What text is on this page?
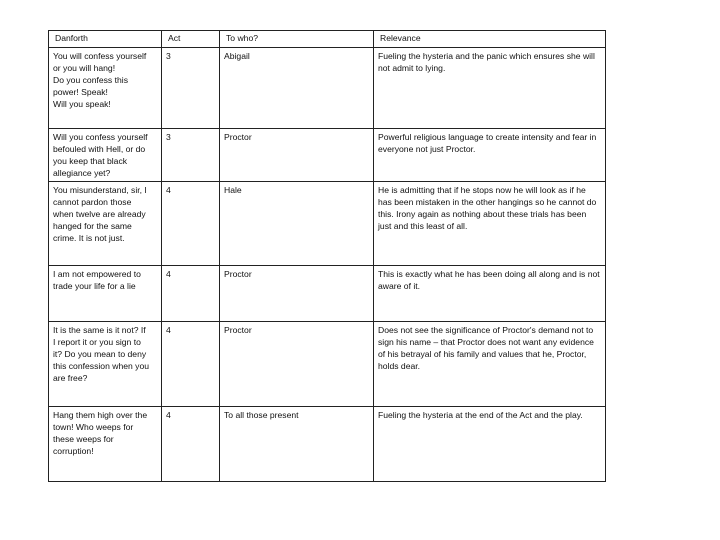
Danforth	Act	To who?	Relevance

You will confess yourself
or you will hang!
Do you confess this
power! Speak!
Will you speak!	3	Abigail	Fueling the hysteria and the panic which ensures she will not admit to lying.

Will you confess yourself
befouled with Hell, or do
you keep that black
allegiance yet?	3	Proctor	Powerful religious language to create intensity and fear in everyone not just Proctor.

You misunderstand, sir, I
cannot pardon those
when twelve are already
hanged for the same
crime. It is not just.	4	Hale	He is admitting that if he stops now he will look as if he has been mistaken in the other hangings so he cannot do this. Irony again as nothing about these trials has been just and this least of all.

I am not empowered to
trade your life for a lie	4	Proctor	This is exactly what he has been doing all along and is not aware of it.

It is the same is it not? If
I report it or you sign to
it? Do you mean to deny
this confession when you
are free?	4	Proctor	Does not see the significance of Proctor's demand not to sign his name – that Proctor does not want any evidence of his betrayal of his family and values that he, Proctor, holds dear.

Hang them high over the
town! Who weeps for
these weeps for
corruption!	4	To all those present	Fueling the hysteria at the end of the Act and the play.
